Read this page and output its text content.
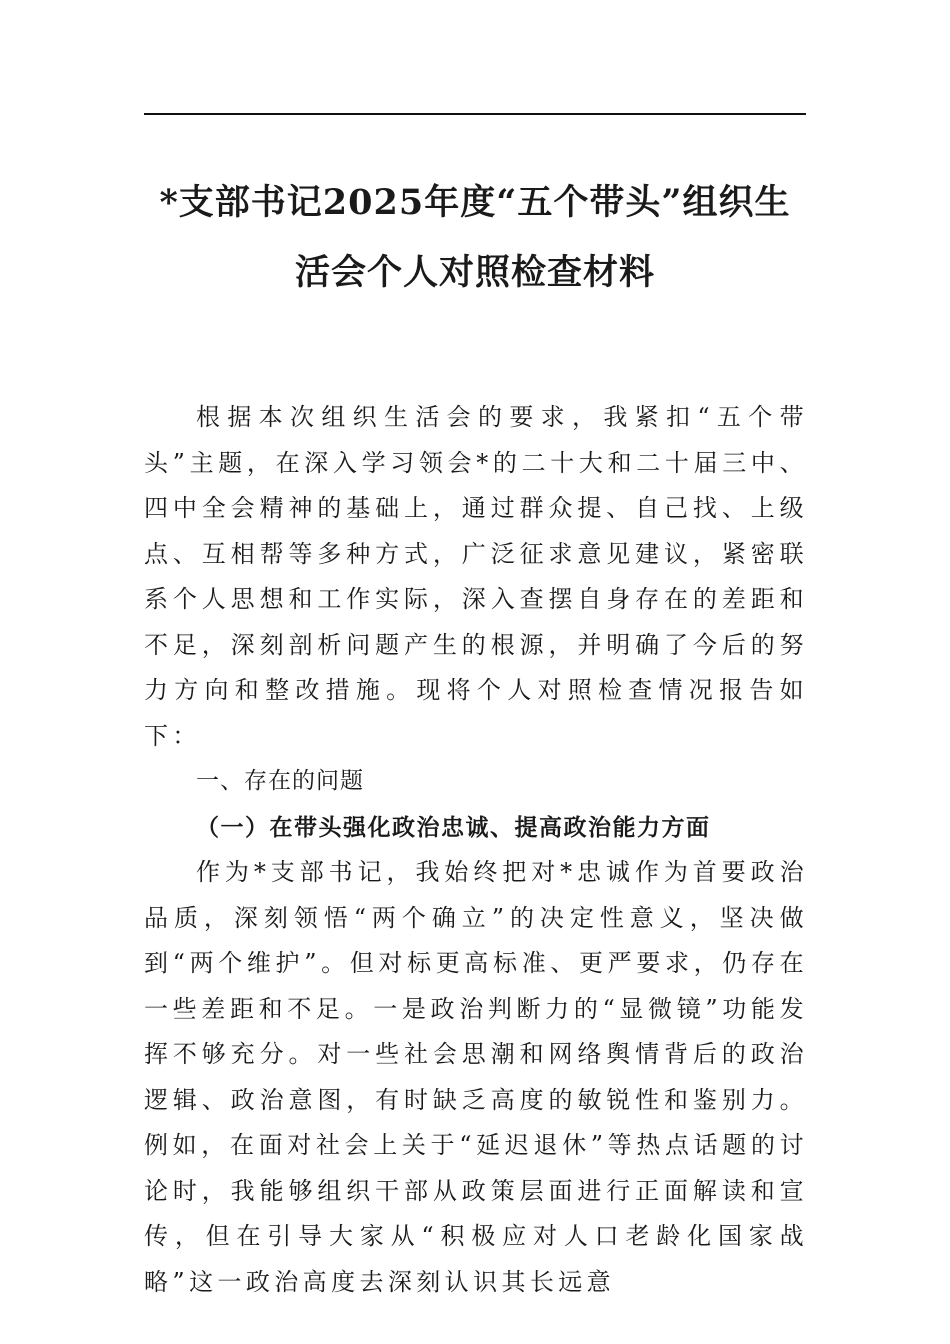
*支部书记2025年度“五个带头”组织生
活会个人对照检查材料

根据本次组织生活会的要求，我紧扣“五个带头”主题，在深入学习领会*的二十大和二十届三中、四中全会精神的基础上，通过群众提、自己找、上级点、互相帮等多种方式，广泛征求意见建议，紧密联系个人思想和工作实际，深入查摆自身存在的差距和不足，深刻剖析问题产生的根源，并明确了今后的努力方向和整改措施。现将个人对照检查情况报告如下：

一、存在的问题

（一）在带头强化政治忠诚、提高政治能力方面

作为*支部书记，我始终把对*忠诚作为首要政治品质，深刻领悟“两个确立”的决定性意义，坚决做到“两个维护”。但对标更高标准、更严要求，仍存在一些差距和不足。一是政治判断力的“显微镜”功能发挥不够充分。对一些社会思潮和网络舆情背后的政治逻辑、政治意图，有时缺乏高度的敏锐性和鉴别力。例如，在面对社会上关于“延迟退休”等热点话题的讨论时，我能够组织干部从政策层面进行正面解读和宣传，但在引导大家从“积极应对人口老龄化国家战略”这一政治高度去深刻认识其长远意
